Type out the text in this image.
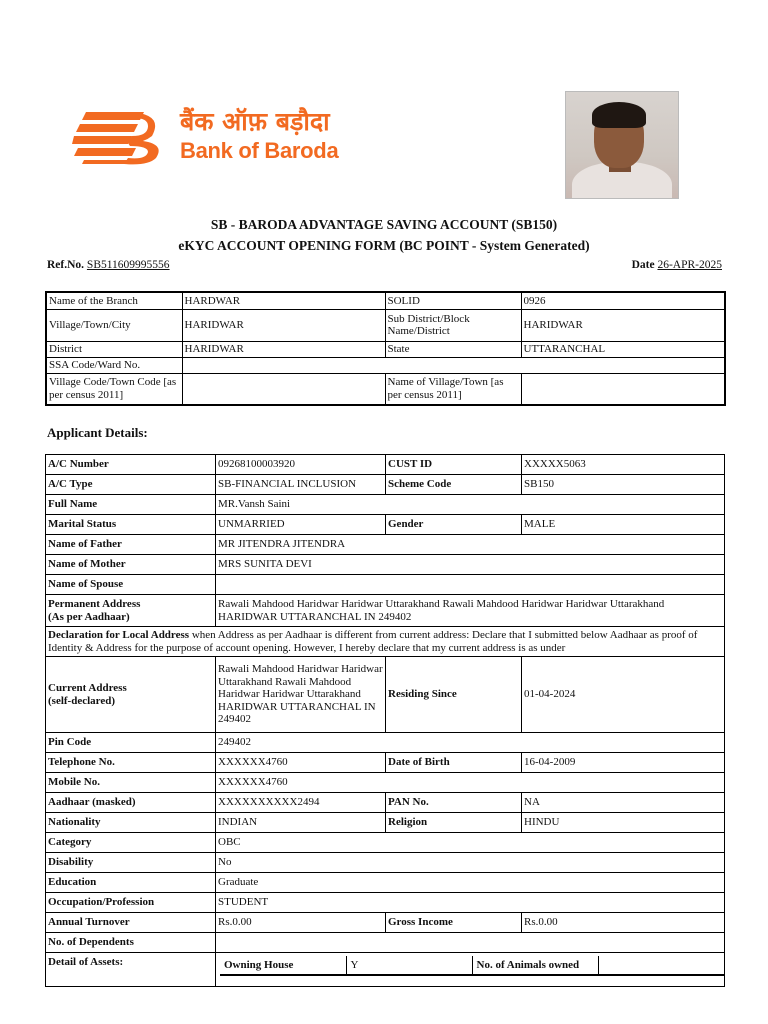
बैंक ऑफ़ बड़ौदा
Bank of Baroda
SB - BARODA ADVANTAGE SAVING ACCOUNT (SB150)
eKYC ACCOUNT OPENING FORM (BC POINT - System Generated)
Ref.No. SB511609995556	Date 26-APR-2025
Name of the Branch	HARDWAR	SOLID	0926
Village/Town/City	HARIDWAR	Sub District/Block Name/District	HARIDWAR
District	HARIDWAR	State	UTTARANCHAL
SSA Code/Ward No.			
Village Code/Town Code [as per census 2011]		Name of Village/Town [as per census 2011]	
Applicant Details:
A/C Number	09268100003920	CUST ID	XXXXX5063
A/C Type	SB-FINANCIAL INCLUSION	Scheme Code	SB150
Full Name	MR.Vansh Saini
Marital Status	UNMARRIED	Gender	MALE
Name of Father	MR JITENDRA JITENDRA
Name of Mother	MRS SUNITA DEVI
Name of Spouse	
Permanent Address
(As per Aadhaar)	Rawali Mahdood Haridwar Haridwar Uttarakhand Rawali Mahdood Haridwar Haridwar Uttarakhand HARIDWAR UTTARANCHAL IN 249402
Declaration for Local Address when Address as per Aadhaar is different from current address: Declare that I submitted below Aadhaar as proof of Identity & Address for the purpose of account opening. However, I hereby declare that my current address is as under
Current Address
(self-declared)	Rawali Mahdood Haridwar Haridwar Uttarakhand Rawali Mahdood Haridwar Haridwar Uttarakhand HARIDWAR UTTARANCHAL IN 249402	Residing Since	01-04-2024
Pin Code	249402
Telephone No.	XXXXXX4760	Date of Birth	16-04-2009
Mobile No.	XXXXXX4760
Aadhaar (masked)	XXXXXXXXXX2494	PAN No.	NA
Nationality	INDIAN	Religion	HINDU
Category	OBC
Disability	No
Education	Graduate
Occupation/Profession	STUDENT
Annual Turnover	Rs.0.00	Gross Income	Rs.0.00
No. of Dependents	
Detail of Assets:		Owning House	Y	No. of Animals owned	
